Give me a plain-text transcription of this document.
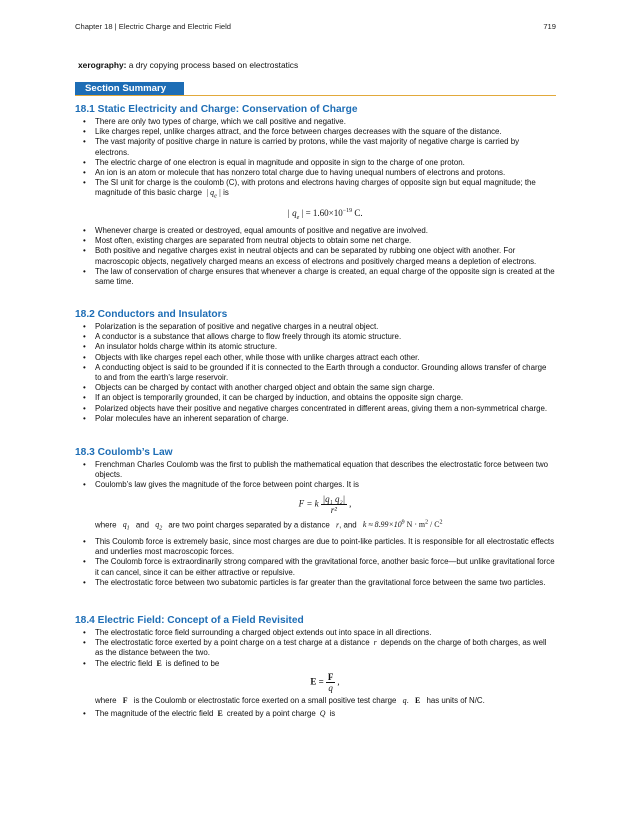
Chapter 18 | Electric Charge and Electric Field	719
xerography: a dry copying process based on electrostatics
Section Summary
18.1 Static Electricity and Charge: Conservation of Charge
• There are only two types of charge, which we call positive and negative.
• Like charges repel, unlike charges attract, and the force between charges decreases with the square of the distance.
• The vast majority of positive charge in nature is carried by protons, while the vast majority of negative charge is carried by electrons.
• The electric charge of one electron is equal in magnitude and opposite in sign to the charge of one proton.
• An ion is an atom or molecule that has nonzero total charge due to having unequal numbers of electrons and protons.
• The SI unit for charge is the coulomb (C), with protons and electrons having charges of opposite sign but equal magnitude; the magnitude of this basic charge | $q_e$ | is
| $q_e$ | = $1.60\times 10^{-19}$ C.
• Whenever charge is created or destroyed, equal amounts of positive and negative are involved.
• Most often, existing charges are separated from neutral objects to obtain some net charge.
• Both positive and negative charges exist in neutral objects and can be separated by rubbing one object with another. For macroscopic objects, negatively charged means an excess of electrons and positively charged means a depletion of electrons.
• The law of conservation of charge ensures that whenever a charge is created, an equal charge of the opposite sign is created at the same time.
18.2 Conductors and Insulators
• Polarization is the separation of positive and negative charges in a neutral object.
• A conductor is a substance that allows charge to flow freely through its atomic structure.
• An insulator holds charge within its atomic structure.
• Objects with like charges repel each other, while those with unlike charges attract each other.
• A conducting object is said to be grounded if it is connected to the Earth through a conductor. Grounding allows transfer of charge to and from the earth’s large reservoir.
• Objects can be charged by contact with another charged object and obtain the same sign charge.
• If an object is temporarily grounded, it can be charged by induction, and obtains the opposite sign charge.
• Polarized objects have their positive and negative charges concentrated in different areas, giving them a non-symmetrical charge.
• Polar molecules have an inherent separation of charge.
18.3 Coulomb’s Law
• Frenchman Charles Coulomb was the first to publish the mathematical equation that describes the electrostatic force between two objects.
• Coulomb’s law gives the magnitude of the force between point charges. It is
F = k $\frac{\text{|q₁ q₂|}}{\text{r²}}$ ,
where $q_1$ and $q_2$ are two point charges separated by a distance r, and $k \approx 8.99\times 10^9$ $N \cdot m^2 / C^2$
• This Coulomb force is extremely basic, since most charges are due to point-like particles. It is responsible for all electrostatic effects and underlies most macroscopic forces.
• The Coulomb force is extraordinarily strong compared with the gravitational force, another basic force—but unlike gravitational force it can cancel, since it can be either attractive or repulsive.
• The electrostatic force between two subatomic particles is far greater than the gravitational force between the same two particles.
18.4 Electric Field: Concept of a Field Revisited
• The electrostatic force field surrounding a charged object extends out into space in all directions.
• The electrostatic force exerted by a point charge on a test charge at a distance r depends on the charge of both charges, as well as the distance between the two.
• The electric field E is defined to be
$E = \frac{F}{q}$ ,
where F is the Coulomb or electrostatic force exerted on a small positive test charge q. E has units of N/C.
• The magnitude of the electric field E created by a point charge Q is
